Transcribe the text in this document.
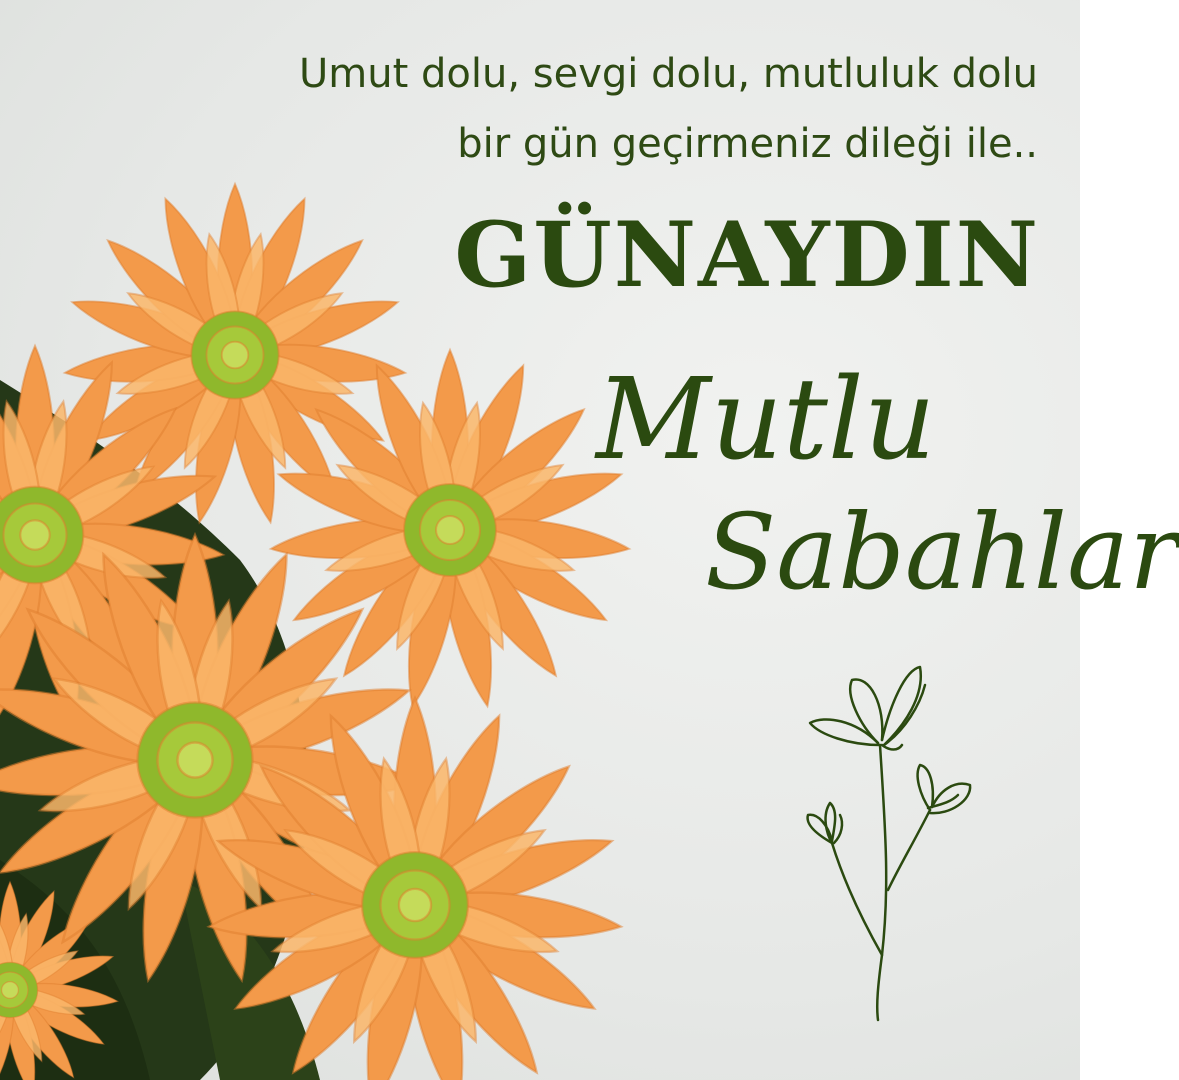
Umut dolu, sevgi dolu, mutluluk dolu
bir gün geçirmeniz dileği ile..
GÜNAYDIN
Mutlu
Sabahlar
